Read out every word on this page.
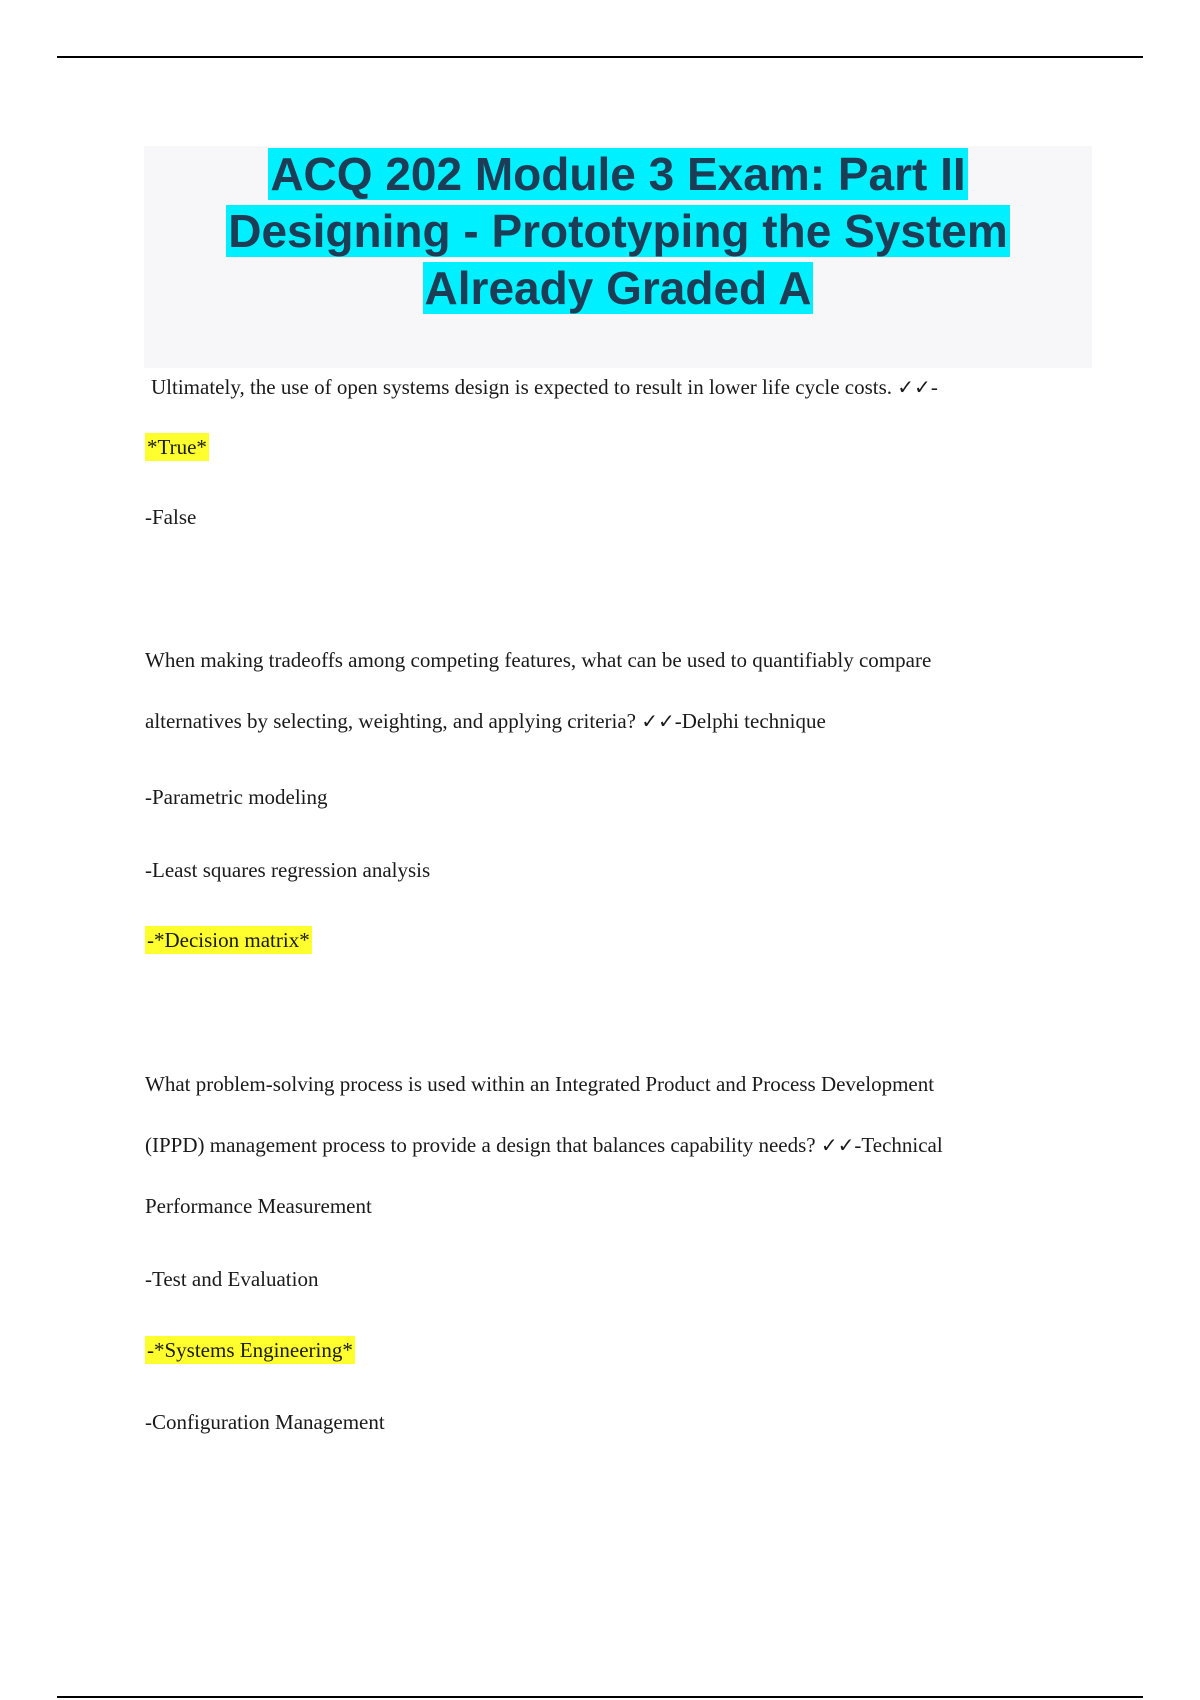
ACQ 202 Module 3 Exam: Part II
Designing - Prototyping the System
Already Graded A
Ultimately, the use of open systems design is expected to result in lower life cycle costs. ✓✓-
*True*
-False
When making tradeoffs among competing features, what can be used to quantifiably compare
alternatives by selecting, weighting, and applying criteria? ✓✓-Delphi technique
-Parametric modeling
-Least squares regression analysis
-*Decision matrix*
What problem-solving process is used within an Integrated Product and Process Development
(IPPD) management process to provide a design that balances capability needs? ✓✓-Technical
Performance Measurement
-Test and Evaluation
-*Systems Engineering*
-Configuration Management
